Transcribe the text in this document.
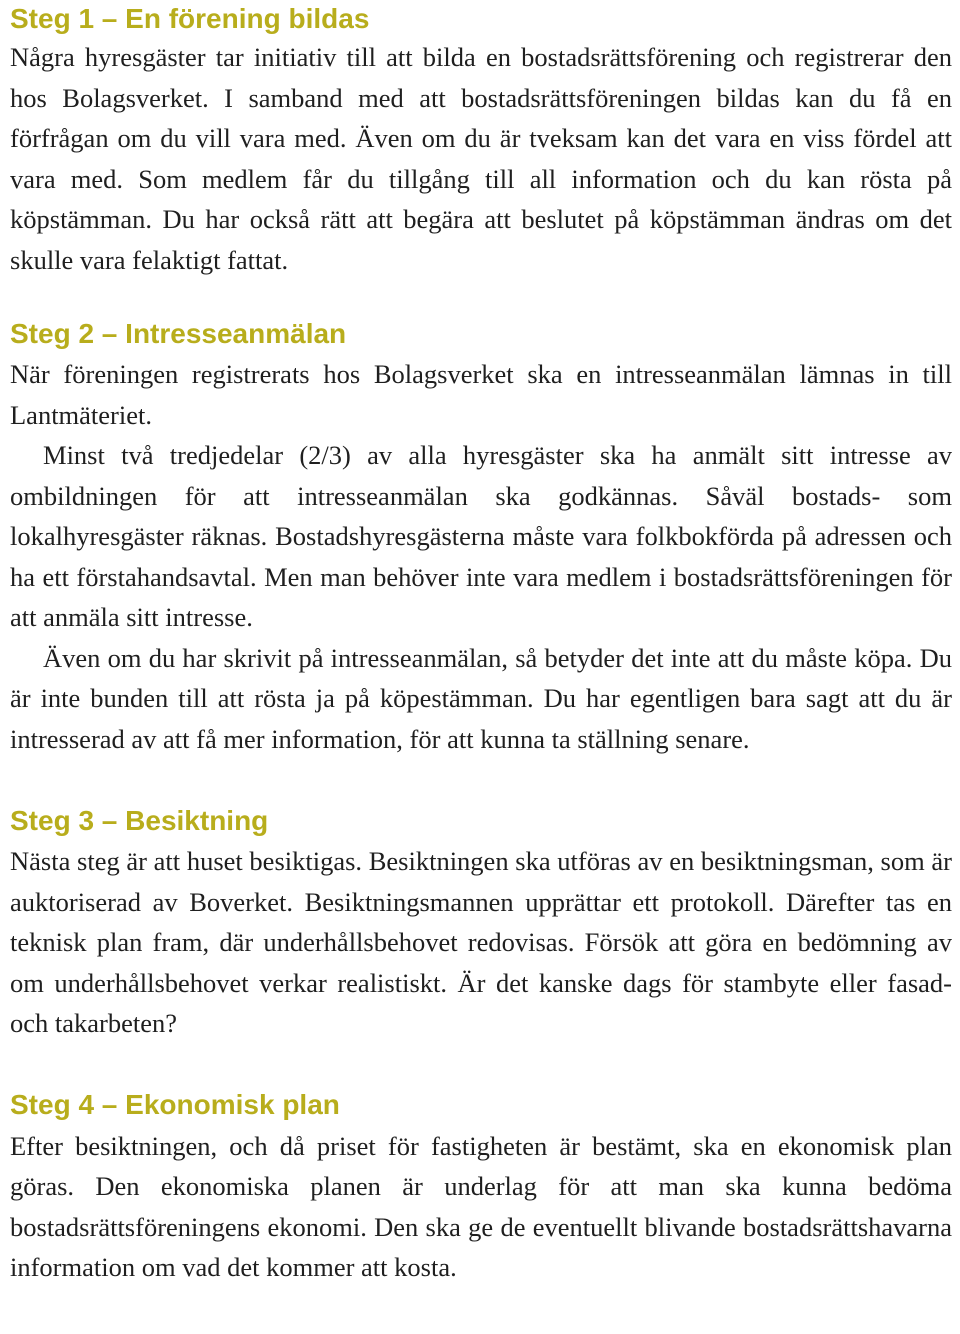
Steg 1 – En förening bildas

Några hyresgäster tar initiativ till att bilda en bostadsrättsförening och registrerar den hos Bolagsverket. I samband med att bostadsrättsföreningen bildas kan du få en förfrågan om du vill vara med. Även om du är tveksam kan det vara en viss fördel att vara med. Som medlem får du tillgång till all information och du kan rösta på köpstämman. Du har också rätt att begära att beslutet på köpstämman ändras om det skulle vara felaktigt fattat.

Steg 2 – Intresseanmälan

När föreningen registrerats hos Bolagsverket ska en intresseanmälan lämnas in till Lantmäteriet.

Minst två tredjedelar (2/3) av alla hyresgäster ska ha anmält sitt intresse av ombildningen för att intresseanmälan ska godkännas. Såväl bostads- som lokalhyresgäster räknas. Bostadshyresgästerna måste vara folkbokförda på adressen och ha ett förstahandsavtal. Men man behöver inte vara medlem i bostadsrättsföreningen för att anmäla sitt intresse.

Även om du har skrivit på intresseanmälan, så betyder det inte att du måste köpa. Du är inte bunden till att rösta ja på köpestämman. Du har egentligen bara sagt att du är intresserad av att få mer information, för att kunna ta ställning senare.

Steg 3 – Besiktning

Nästa steg är att huset besiktigas. Besiktningen ska utföras av en besiktningsman, som är auktoriserad av Boverket. Besiktningsmannen upprättar ett protokoll. Därefter tas en teknisk plan fram, där underhållsbehovet redovisas. Försök att göra en bedömning av om underhållsbehovet verkar realistiskt. Är det kanske dags för stambyte eller fasad- och takarbeten?

Steg 4 – Ekonomisk plan

Efter besiktningen, och då priset för fastigheten är bestämt, ska en ekonomisk plan göras. Den ekonomiska planen är underlag för att man ska kunna bedöma bostadsrättsföreningens ekonomi. Den ska ge de eventuellt blivande bostadsrättshavarna information om vad det kommer att kosta.
